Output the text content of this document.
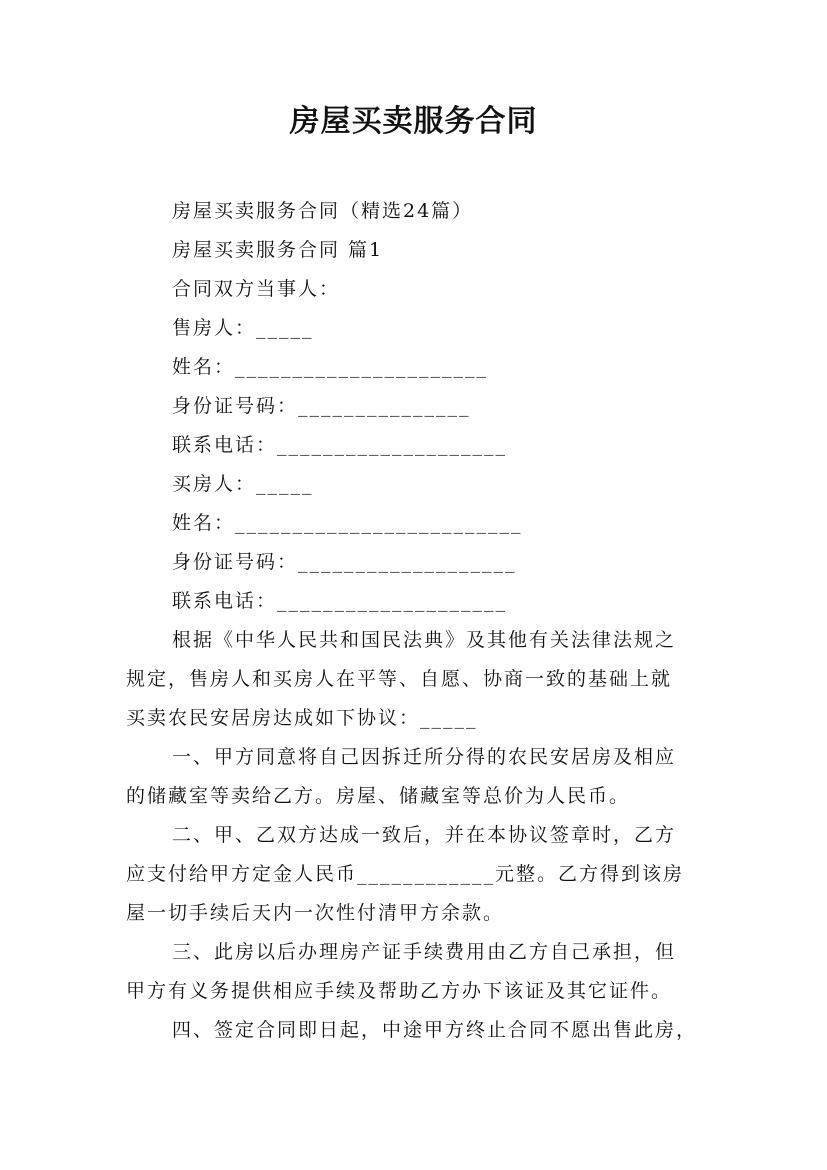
房屋买卖服务合同
房屋买卖服务合同（精选24篇）
房屋买卖服务合同 篇1
合同双方当事人：
售房人：_____
姓名：______________________
身份证号码：_______________
联系电话：____________________
买房人：_____
姓名：_________________________
身份证号码：___________________
联系电话：____________________
根据《中华人民共和国民法典》及其他有关法律法规之
规定，售房人和买房人在平等、自愿、协商一致的基础上就
买卖农民安居房达成如下协议：_____
一、甲方同意将自己因拆迁所分得的农民安居房及相应
的储藏室等卖给乙方。房屋、储藏室等总价为人民币。
二、甲、乙双方达成一致后，并在本协议签章时，乙方
应支付给甲方定金人民币____________元整。乙方得到该房
屋一切手续后天内一次性付清甲方余款。
三、此房以后办理房产证手续费用由乙方自己承担，但
甲方有义务提供相应手续及帮助乙方办下该证及其它证件。
四、签定合同即日起，中途甲方终止合同不愿出售此房，
